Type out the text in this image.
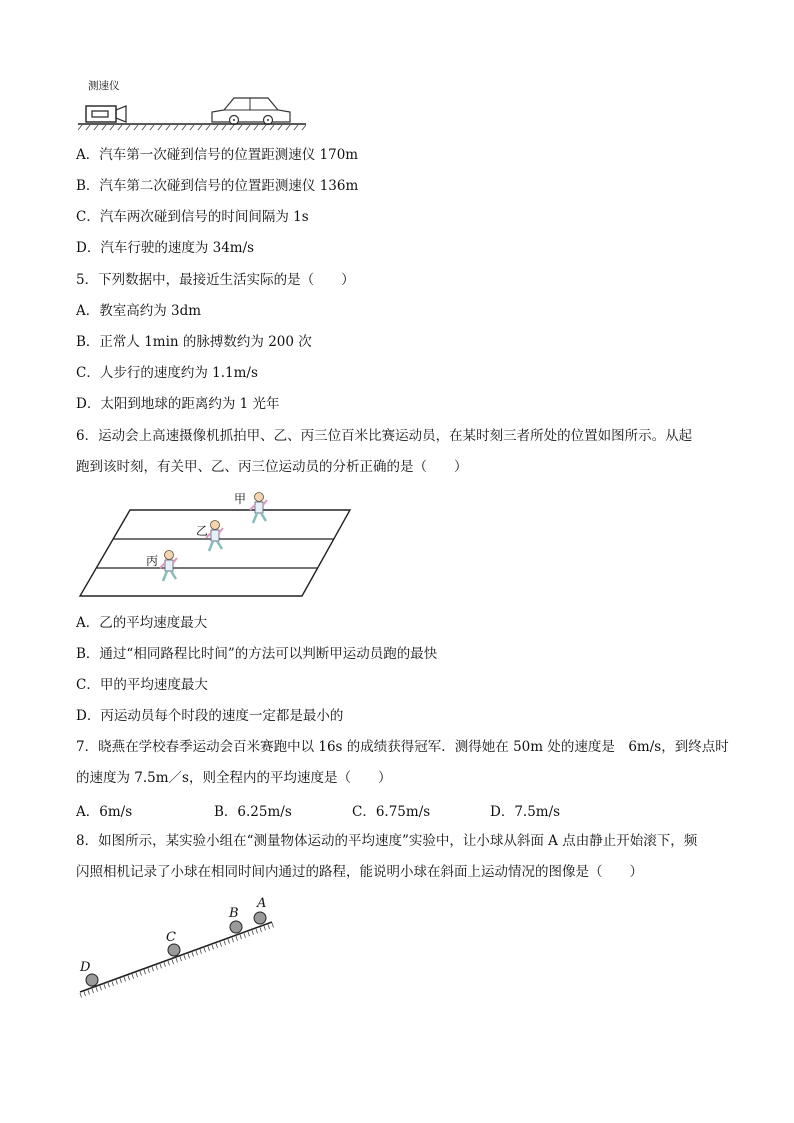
测速仪
A．汽车第一次碰到信号的位置距测速仪 170m
B．汽车第二次碰到信号的位置距测速仪 136m
C．汽车两次碰到信号的时间间隔为 1s
D．汽车行驶的速度为 34m/s
5．下列数据中，最接近生活实际的是（　　）
A．教室高约为 3dm
B．正常人 1min 的脉搏数约为 200 次
C．人步行的速度约为 1.1m/s
D．太阳到地球的距离约为 1 光年
6．运动会上高速摄像机抓拍甲、乙、丙三位百米比赛运动员，在某时刻三者所处的位置如图所示。从起
跑到该时刻，有关甲、乙、丙三位运动员的分析正确的是（　　）
甲
乙
丙
A．乙的平均速度最大
B．通过“相同路程比时间”的方法可以判断甲运动员跑的最快
C．甲的平均速度最大
D．丙运动员每个时段的速度一定都是最小的
7．晓燕在学校春季运动会百米赛跑中以 16s 的成绩获得冠军．测得她在 50m 处的速度是　6m/s，到终点时
的速度为 7.5m／s，则全程内的平均速度是（　　）
A．6m/s	B．6.25m/s	C．6.75m/s	D．7.5m/s
8．如图所示，某实验小组在“测量物体运动的平均速度”实验中，让小球从斜面 A 点由静止开始滚下，频
闪照相机记录了小球在相同时间内通过的路程，能说明小球在斜面上运动情况的图像是（　　）
A
B
C
D
